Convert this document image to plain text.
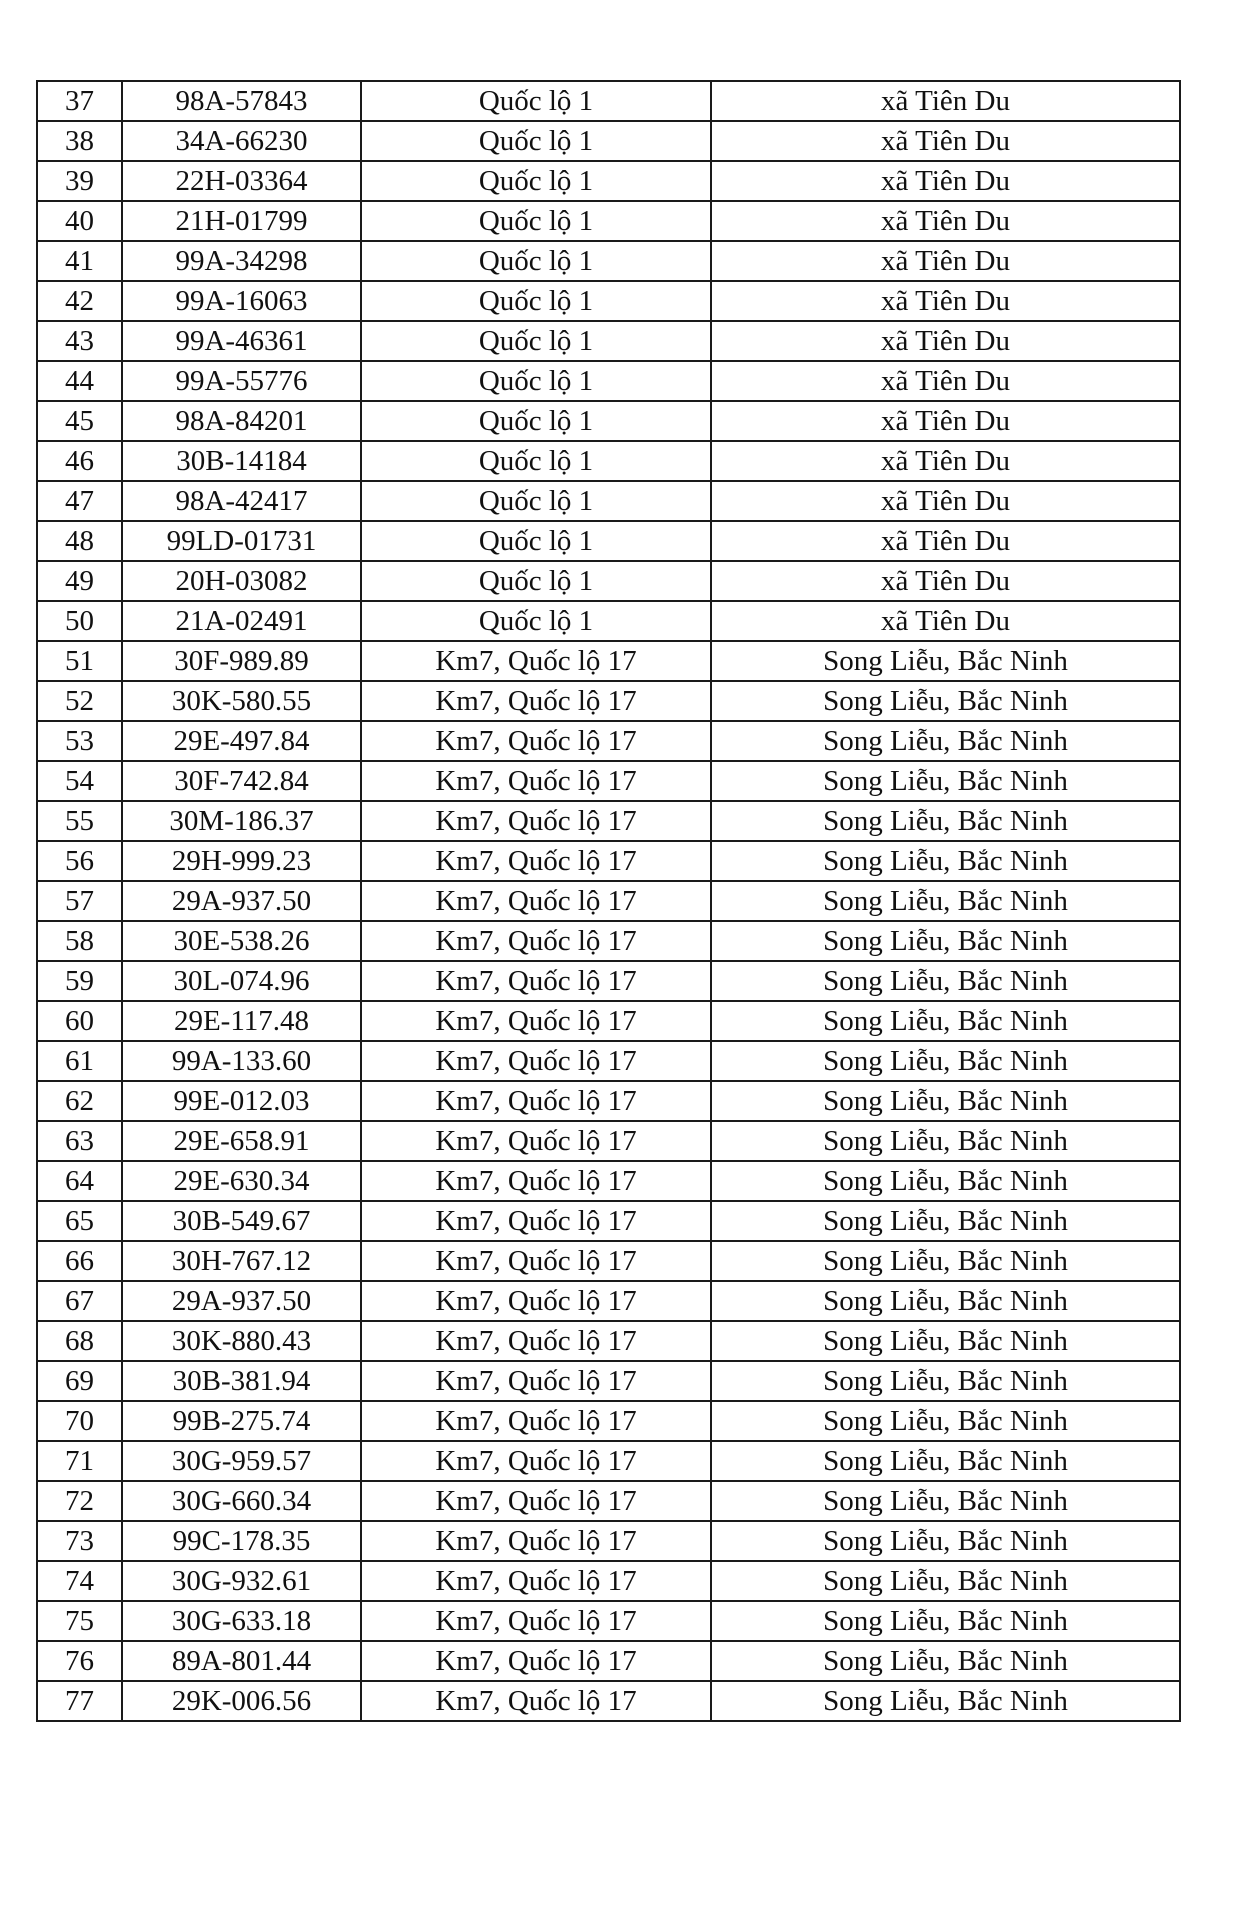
37	98A-57843	Quốc lộ 1	xã Tiên Du
38	34A-66230	Quốc lộ 1	xã Tiên Du
39	22H-03364	Quốc lộ 1	xã Tiên Du
40	21H-01799	Quốc lộ 1	xã Tiên Du
41	99A-34298	Quốc lộ 1	xã Tiên Du
42	99A-16063	Quốc lộ 1	xã Tiên Du
43	99A-46361	Quốc lộ 1	xã Tiên Du
44	99A-55776	Quốc lộ 1	xã Tiên Du
45	98A-84201	Quốc lộ 1	xã Tiên Du
46	30B-14184	Quốc lộ 1	xã Tiên Du
47	98A-42417	Quốc lộ 1	xã Tiên Du
48	99LD-01731	Quốc lộ 1	xã Tiên Du
49	20H-03082	Quốc lộ 1	xã Tiên Du
50	21A-02491	Quốc lộ 1	xã Tiên Du
51	30F-989.89	Km7, Quốc lộ 17	Song Liễu, Bắc Ninh
52	30K-580.55	Km7, Quốc lộ 17	Song Liễu, Bắc Ninh
53	29E-497.84	Km7, Quốc lộ 17	Song Liễu, Bắc Ninh
54	30F-742.84	Km7, Quốc lộ 17	Song Liễu, Bắc Ninh
55	30M-186.37	Km7, Quốc lộ 17	Song Liễu, Bắc Ninh
56	29H-999.23	Km7, Quốc lộ 17	Song Liễu, Bắc Ninh
57	29A-937.50	Km7, Quốc lộ 17	Song Liễu, Bắc Ninh
58	30E-538.26	Km7, Quốc lộ 17	Song Liễu, Bắc Ninh
59	30L-074.96	Km7, Quốc lộ 17	Song Liễu, Bắc Ninh
60	29E-117.48	Km7, Quốc lộ 17	Song Liễu, Bắc Ninh
61	99A-133.60	Km7, Quốc lộ 17	Song Liễu, Bắc Ninh
62	99E-012.03	Km7, Quốc lộ 17	Song Liễu, Bắc Ninh
63	29E-658.91	Km7, Quốc lộ 17	Song Liễu, Bắc Ninh
64	29E-630.34	Km7, Quốc lộ 17	Song Liễu, Bắc Ninh
65	30B-549.67	Km7, Quốc lộ 17	Song Liễu, Bắc Ninh
66	30H-767.12	Km7, Quốc lộ 17	Song Liễu, Bắc Ninh
67	29A-937.50	Km7, Quốc lộ 17	Song Liễu, Bắc Ninh
68	30K-880.43	Km7, Quốc lộ 17	Song Liễu, Bắc Ninh
69	30B-381.94	Km7, Quốc lộ 17	Song Liễu, Bắc Ninh
70	99B-275.74	Km7, Quốc lộ 17	Song Liễu, Bắc Ninh
71	30G-959.57	Km7, Quốc lộ 17	Song Liễu, Bắc Ninh
72	30G-660.34	Km7, Quốc lộ 17	Song Liễu, Bắc Ninh
73	99C-178.35	Km7, Quốc lộ 17	Song Liễu, Bắc Ninh
74	30G-932.61	Km7, Quốc lộ 17	Song Liễu, Bắc Ninh
75	30G-633.18	Km7, Quốc lộ 17	Song Liễu, Bắc Ninh
76	89A-801.44	Km7, Quốc lộ 17	Song Liễu, Bắc Ninh
77	29K-006.56	Km7, Quốc lộ 17	Song Liễu, Bắc Ninh
